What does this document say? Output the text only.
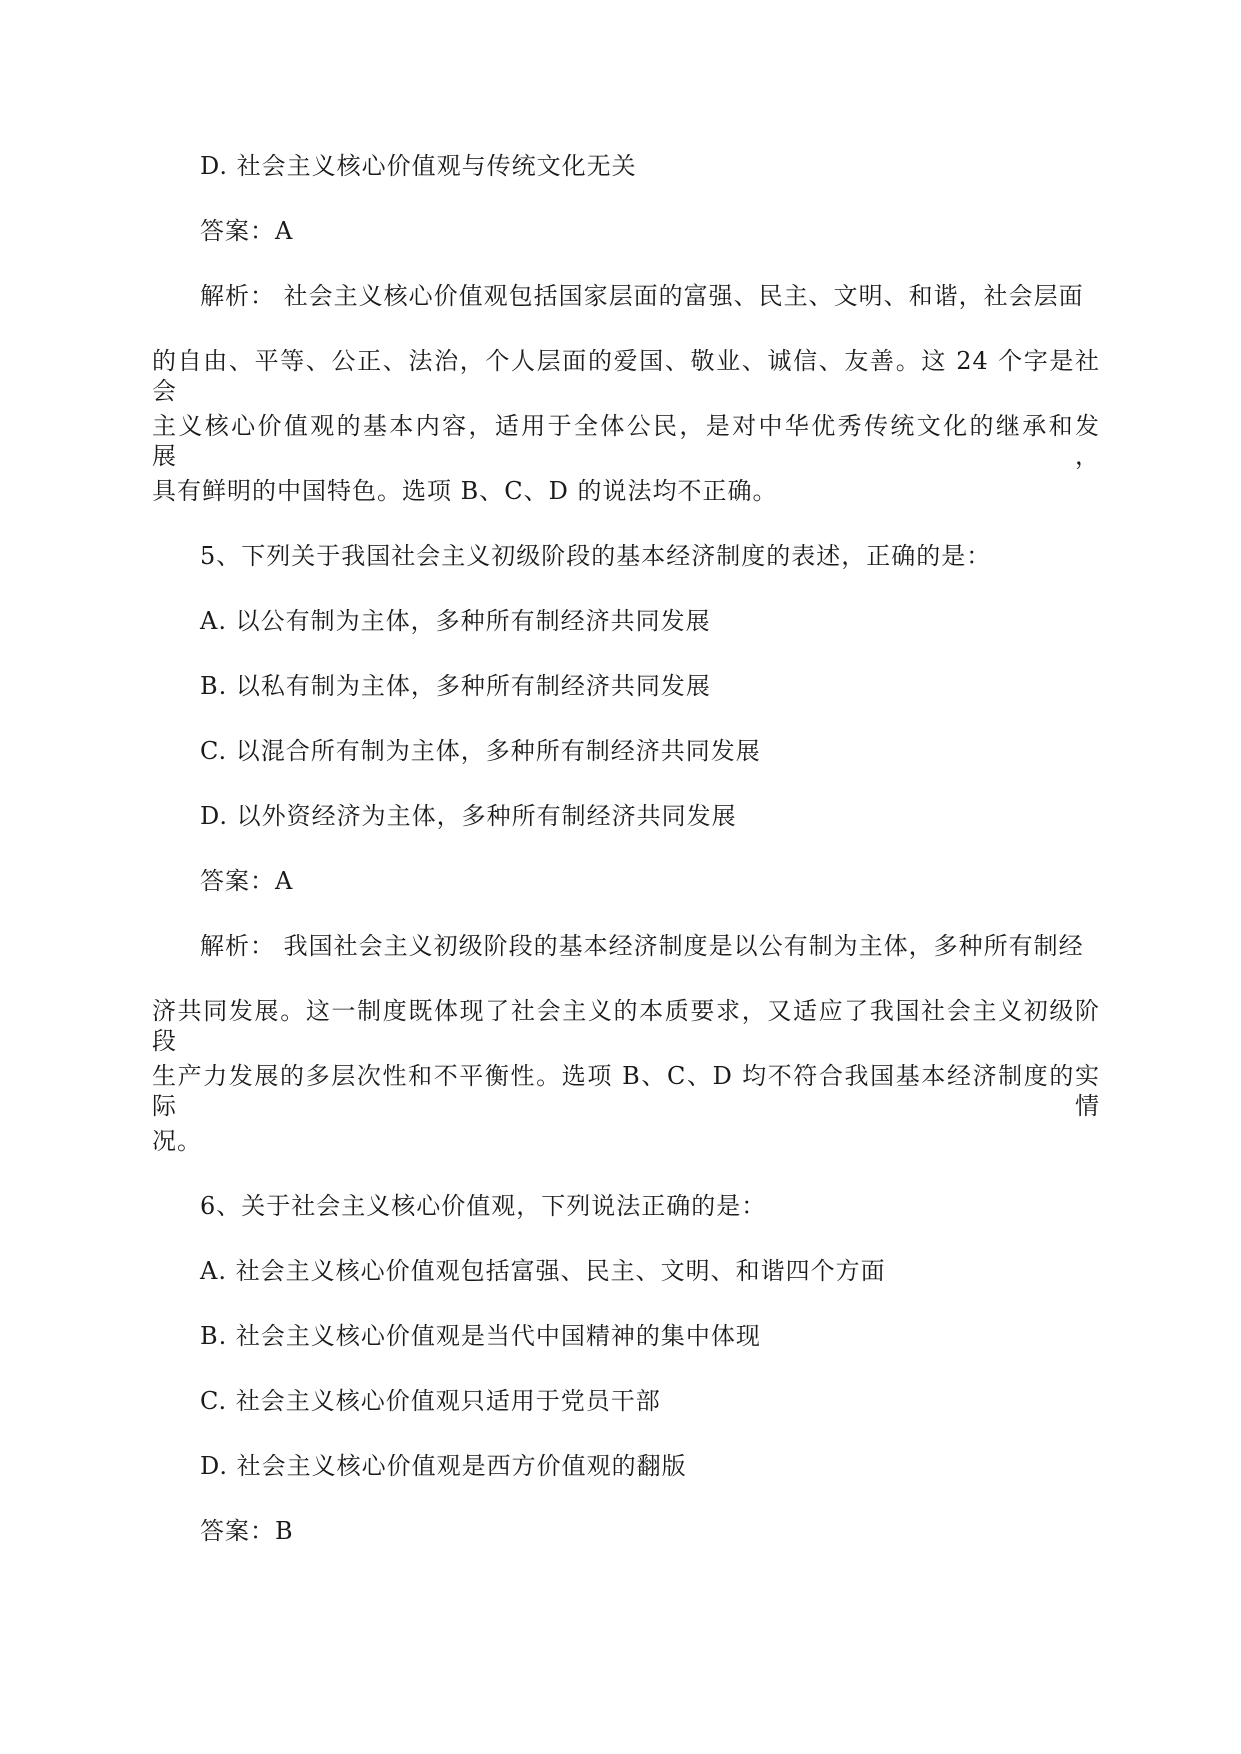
D. 社会主义核心价值观与传统文化无关
答案：A
解析： 社会主义核心价值观包括国家层面的富强、民主、文明、和谐，社会层面
的自由、平等、公正、法治，个人层面的爱国、敬业、诚信、友善。这 24 个字是社会
主义核心价值观的基本内容，适用于全体公民，是对中华优秀传统文化的继承和发展，
具有鲜明的中国特色。选项 B、C、D 的说法均不正确。
5、下列关于我国社会主义初级阶段的基本经济制度的表述，正确的是：
A. 以公有制为主体，多种所有制经济共同发展
B. 以私有制为主体，多种所有制经济共同发展
C. 以混合所有制为主体，多种所有制经济共同发展
D. 以外资经济为主体，多种所有制经济共同发展
答案：A
解析： 我国社会主义初级阶段的基本经济制度是以公有制为主体，多种所有制经
济共同发展。这一制度既体现了社会主义的本质要求，又适应了我国社会主义初级阶段
生产力发展的多层次性和不平衡性。选项 B、C、D 均不符合我国基本经济制度的实际情
况。
6、关于社会主义核心价值观，下列说法正确的是：
A. 社会主义核心价值观包括富强、民主、文明、和谐四个方面
B. 社会主义核心价值观是当代中国精神的集中体现
C. 社会主义核心价值观只适用于党员干部
D. 社会主义核心价值观是西方价值观的翻版
答案：B
